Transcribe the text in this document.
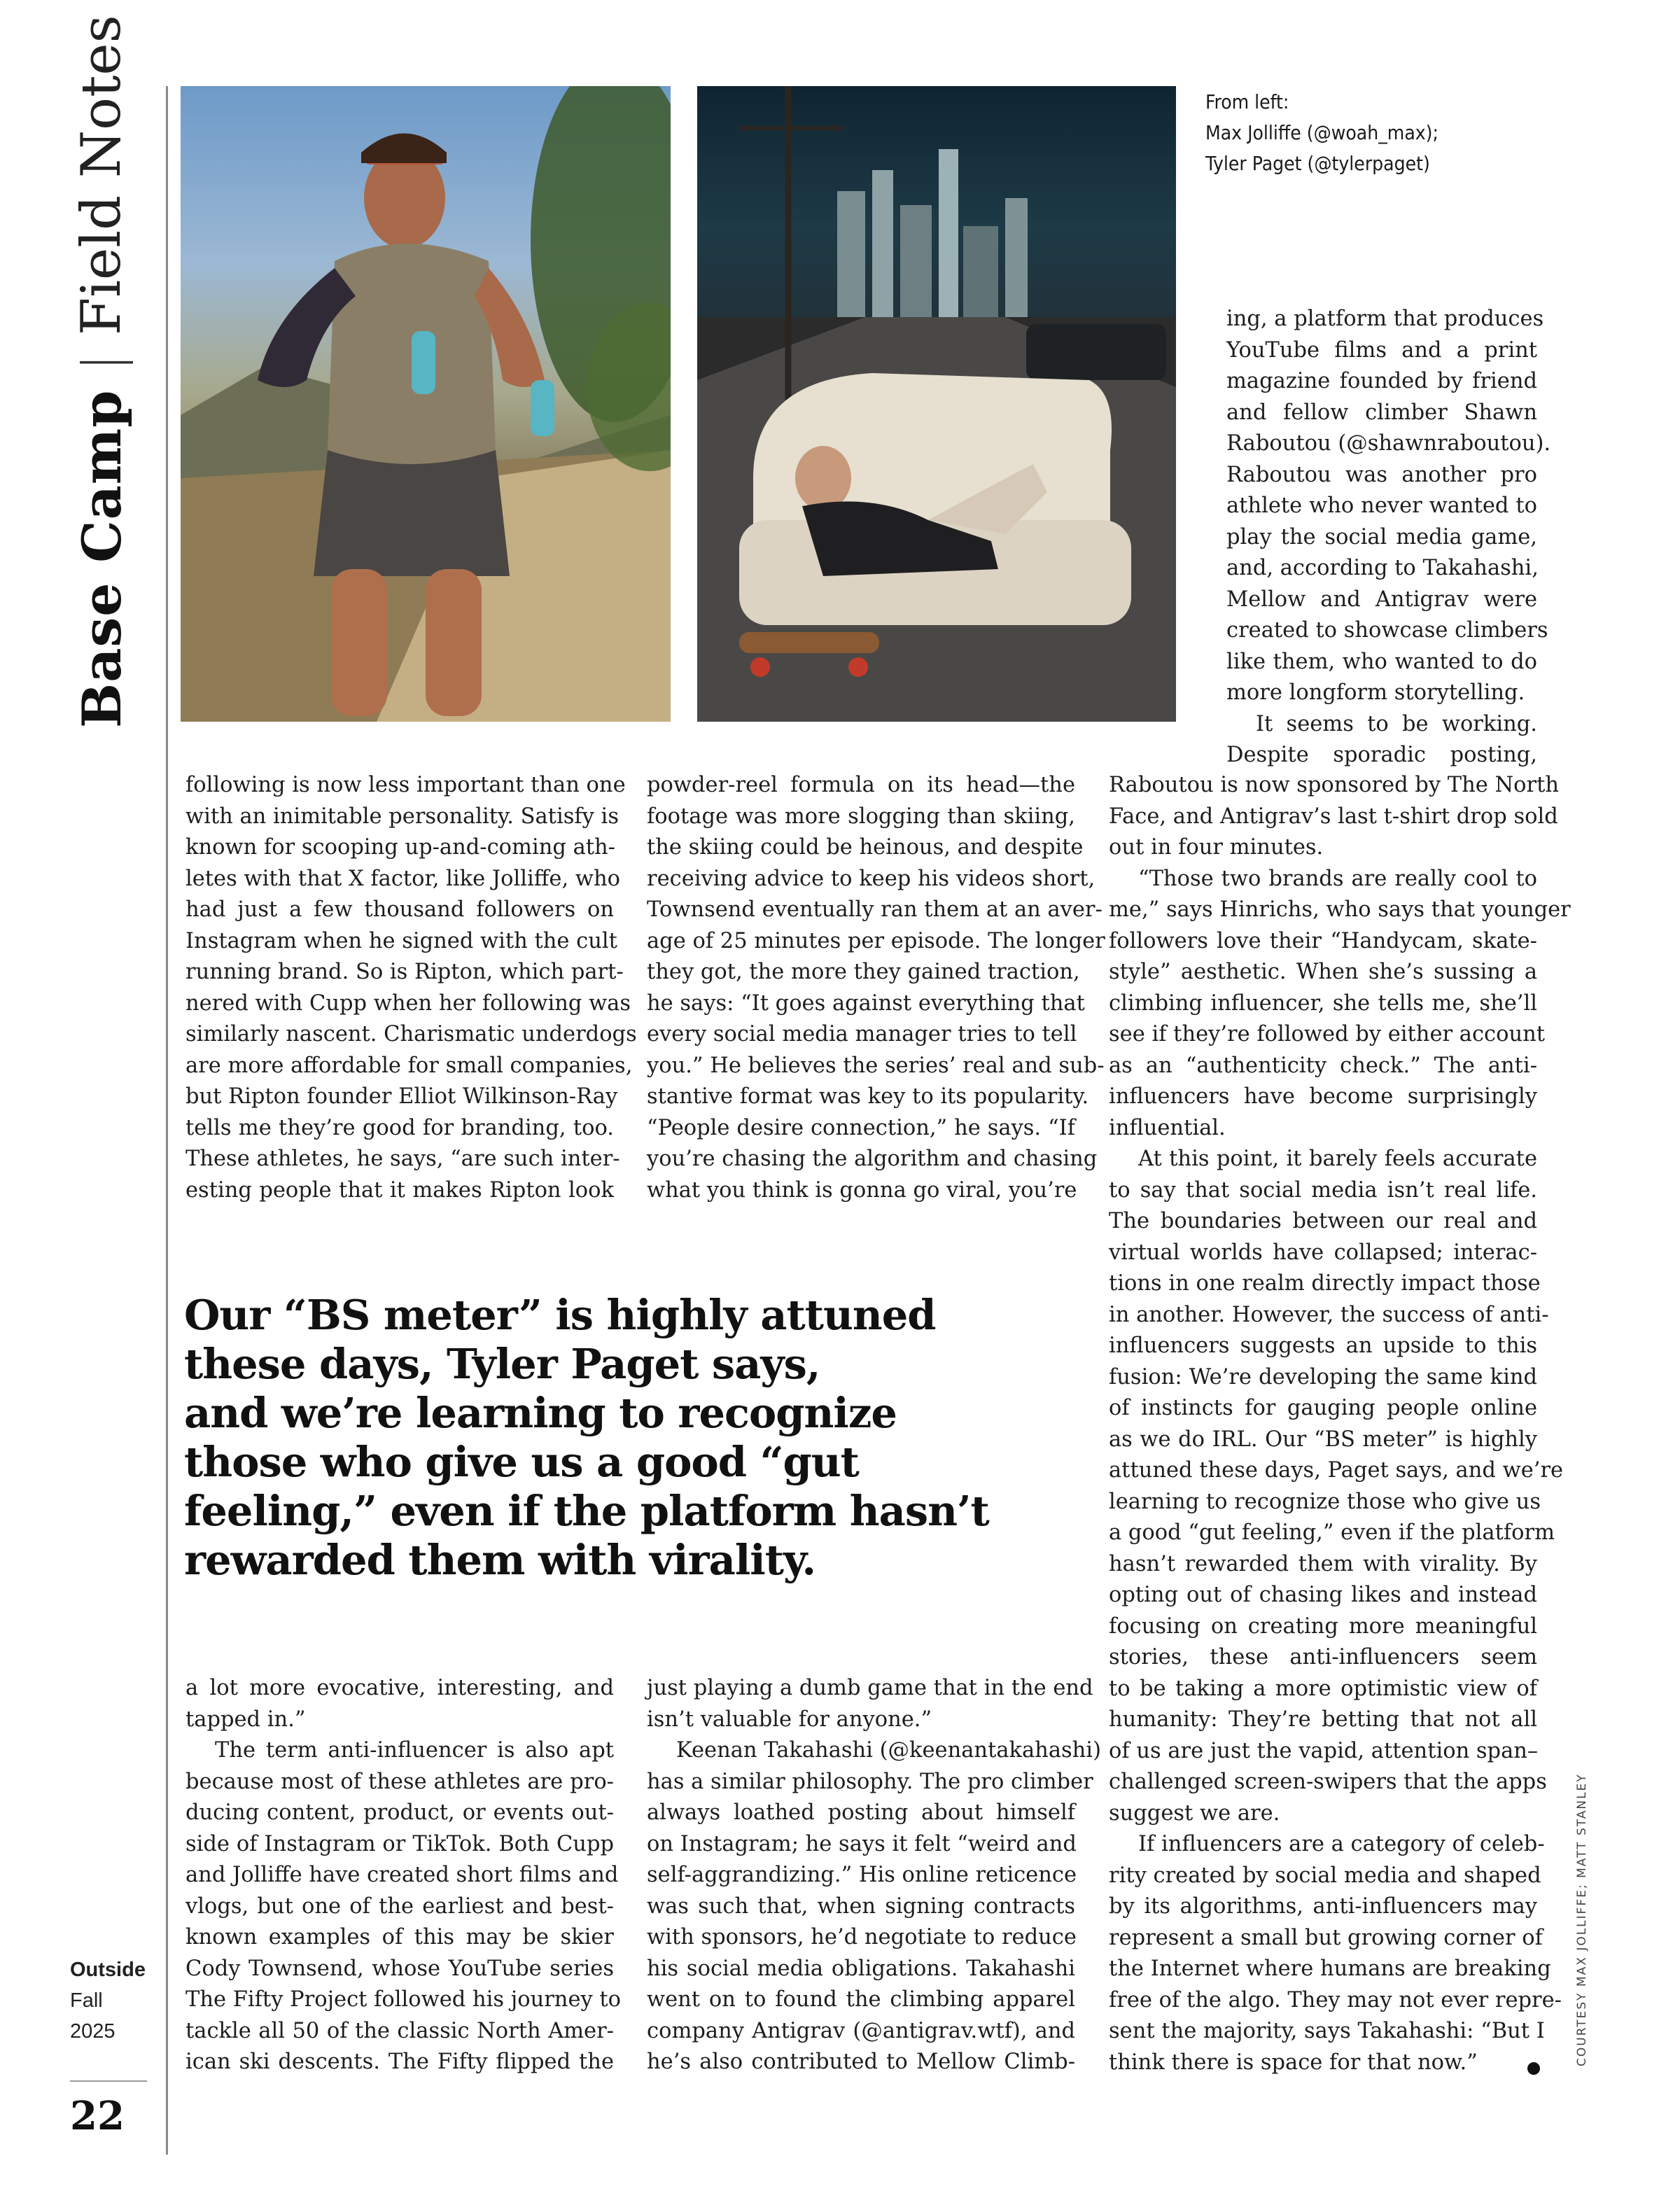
Base Camp
|
Field Notes
Outside
Fall
2025
22
From left:
Max Jolliffe (@woah_max);
Tyler Paget (@tylerpaget)
ing, a platform that produces
YouTube films and a print
magazine founded by friend
and fellow climber Shawn
Raboutou (@shawnraboutou).
Raboutou was another pro
athlete who never wanted to
play the social media game,
and, according to Takahashi,
Mellow and Antigrav were
created to showcase climbers
like them, who wanted to do
more longform storytelling.
It seems to be working.
Despite sporadic posting,
following is now less important than one
with an inimitable personality. Satisfy is
known for scooping up-and-coming ath-
letes with that X factor, like Jolliffe, who
had just a few thousand followers on
Instagram when he signed with the cult
running brand. So is Ripton, which part-
nered with Cupp when her following was
similarly nascent. Charismatic underdogs
are more affordable for small companies,
but Ripton founder Elliot Wilkinson-Ray
tells me they’re good for branding, too.
These athletes, he says, “are such inter-
esting people that it makes Ripton look
powder-reel formula on its head—the
footage was more slogging than skiing,
the skiing could be heinous, and despite
receiving advice to keep his videos short,
Townsend eventually ran them at an aver-
age of 25 minutes per episode. The longer
they got, the more they gained traction,
he says: “It goes against everything that
every social media manager tries to tell
you.” He believes the series’ real and sub-
stantive format was key to its popularity.
“People desire connection,” he says. “If
you’re chasing the algorithm and chasing
what you think is gonna go viral, you’re
Raboutou is now sponsored by The North
Face, and Antigrav’s last t-shirt drop sold
out in four minutes.
“Those two brands are really cool to
me,” says Hinrichs, who says that younger
followers love their “Handycam, skate-
style” aesthetic. When she’s sussing a
climbing influencer, she tells me, she’ll
see if they’re followed by either account
as an “authenticity check.” The anti-
influencers have become surprisingly
influential.
At this point, it barely feels accurate
to say that social media isn’t real life.
The boundaries between our real and
virtual worlds have collapsed; interac-
tions in one realm directly impact those
in another. However, the success of anti-
influencers suggests an upside to this
fusion: We’re developing the same kind
of instincts for gauging people online
as we do IRL. Our “BS meter” is highly
attuned these days, Paget says, and we’re
learning to recognize those who give us
a good “gut feeling,” even if the platform
hasn’t rewarded them with virality. By
opting out of chasing likes and instead
focusing on creating more meaningful
stories, these anti-influencers seem
to be taking a more optimistic view of
humanity: They’re betting that not all
of us are just the vapid, attention span–
challenged screen-swipers that the apps
suggest we are.
If influencers are a category of celeb-
rity created by social media and shaped
by its algorithms, anti-influencers may
represent a small but growing corner of
the Internet where humans are breaking
free of the algo. They may not ever repre-
sent the majority, says Takahashi: “But I
think there is space for that now.”
Our “BS meter” is highly attuned
these days, Tyler Paget says,
and we’re learning to recognize
those who give us a good “gut
feeling,” even if the platform hasn’t
rewarded them with virality.
a lot more evocative, interesting, and
tapped in.”
The term anti-influencer is also apt
because most of these athletes are pro-
ducing content, product, or events out-
side of Instagram or TikTok. Both Cupp
and Jolliffe have created short films and
vlogs, but one of the earliest and best-
known examples of this may be skier
Cody Townsend, whose YouTube series
The Fifty Project followed his journey to
tackle all 50 of the classic North Amer-
ican ski descents. The Fifty flipped the
just playing a dumb game that in the end
isn’t valuable for anyone.”
Keenan Takahashi (@keenantakahashi)
has a similar philosophy. The pro climber
always loathed posting about himself
on Instagram; he says it felt “weird and
self-aggrandizing.” His online reticence
was such that, when signing contracts
with sponsors, he’d negotiate to reduce
his social media obligations. Takahashi
went on to found the climbing apparel
company Antigrav (@antigrav.wtf), and
he’s also contributed to Mellow Climb-	COURTESY MAX JOLLIFFE; MATT STANLEY
